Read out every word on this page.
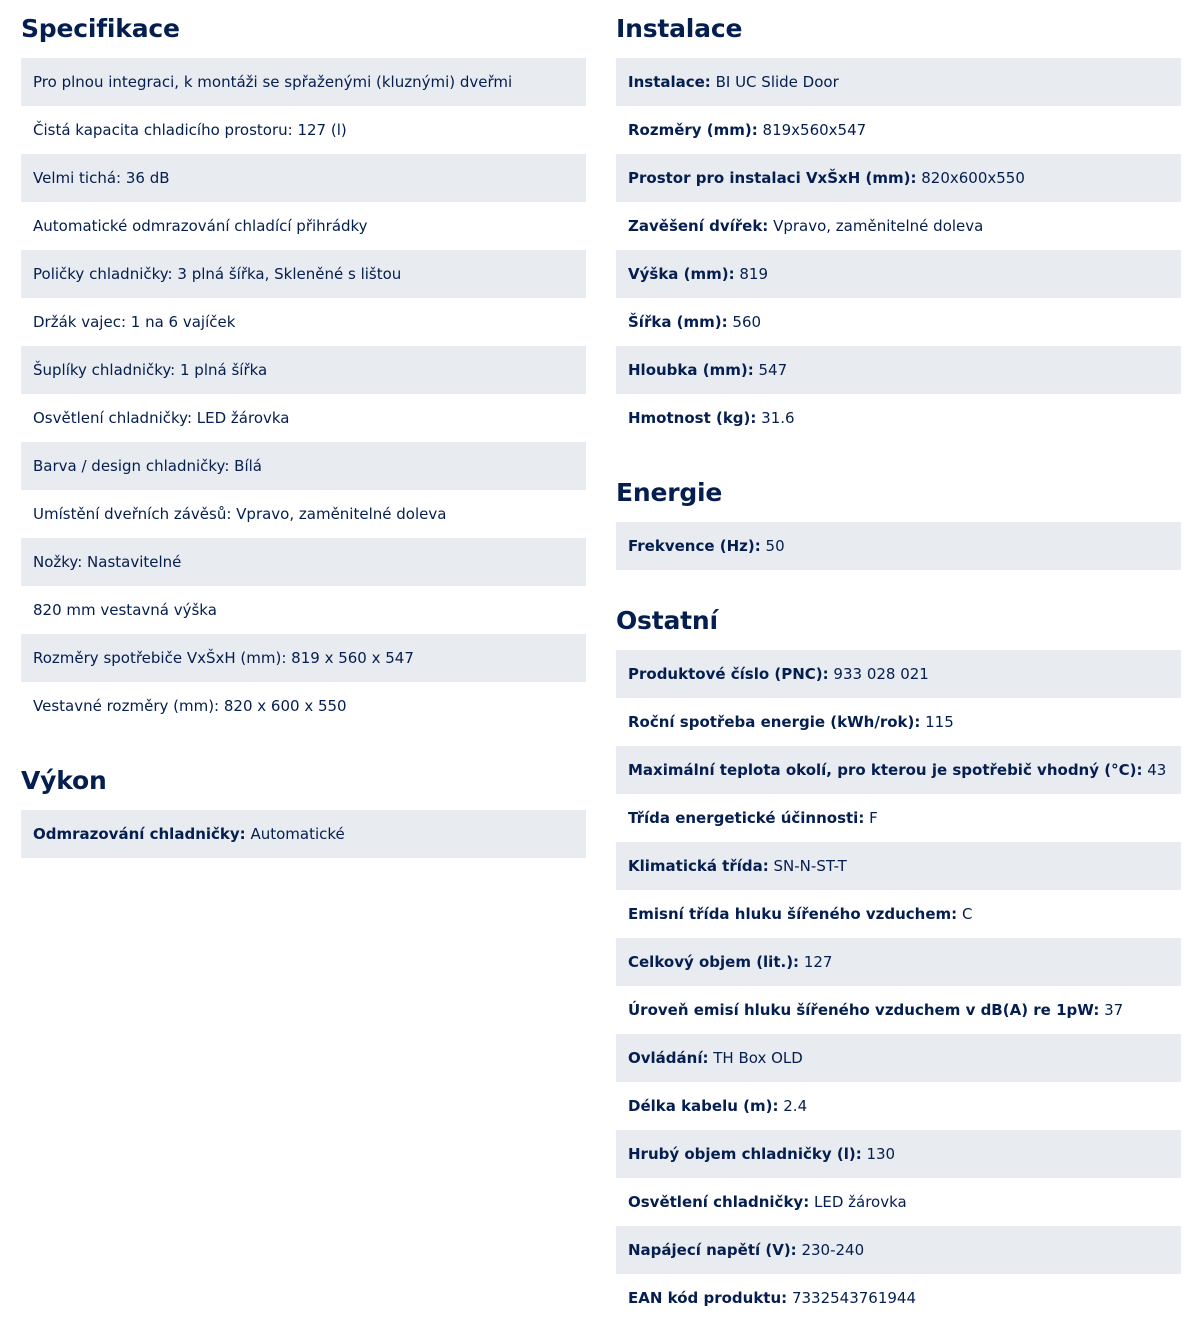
Specifikace
Pro plnou integraci, k montáži se spřaženými (kluznými) dveřmi
Čistá kapacita chladicího prostoru: 127 (l)
Velmi tichá: 36 dB
Automatické odmrazování chladící přihrádky
Poličky chladničky: 3 plná šířka, Skleněné s lištou
Držák vajec: 1 na 6 vajíček
Šuplíky chladničky: 1 plná šířka
Osvětlení chladničky: LED žárovka
Barva / design chladničky: Bílá
Umístění dveřních závěsů: Vpravo, zaměnitelné doleva
Nožky: Nastavitelné
820 mm vestavná výška
Rozměry spotřebiče VxŠxH (mm): 819 x 560 x 547
Vestavné rozměry (mm): 820 x 600 x 550
Výkon
Odmrazování chladničky:
Automatické
Instalace
Instalace:
BI UC Slide Door
Rozměry (mm):
819x560x547
Prostor pro instalaci VxŠxH (mm):
820x600x550
Zavěšení dvířek:
Vpravo, zaměnitelné doleva
Výška (mm):
819
Šířka (mm):
560
Hloubka (mm):
547
Hmotnost (kg):
31.6
Energie
Frekvence (Hz):
50
Ostatní
Produktové číslo (PNC):
933 028 021
Roční spotřeba energie (kWh/rok):
115
Maximální teplota okolí, pro kterou je spotřebič vhodný (°C):
43
Třída energetické účinnosti:
F
Klimatická třída:
SN-N-ST-T
Emisní třída hluku šířeného vzduchem:
C
Celkový objem (lit.):
127
Úroveň emisí hluku šířeného vzduchem v dB(A) re 1pW:
37
Ovládání:
TH Box OLD
Délka kabelu (m):
2.4
Hrubý objem chladničky (l):
130
Osvětlení chladničky:
LED žárovka
Napájecí napětí (V):
230-240
EAN kód produktu:
7332543761944
